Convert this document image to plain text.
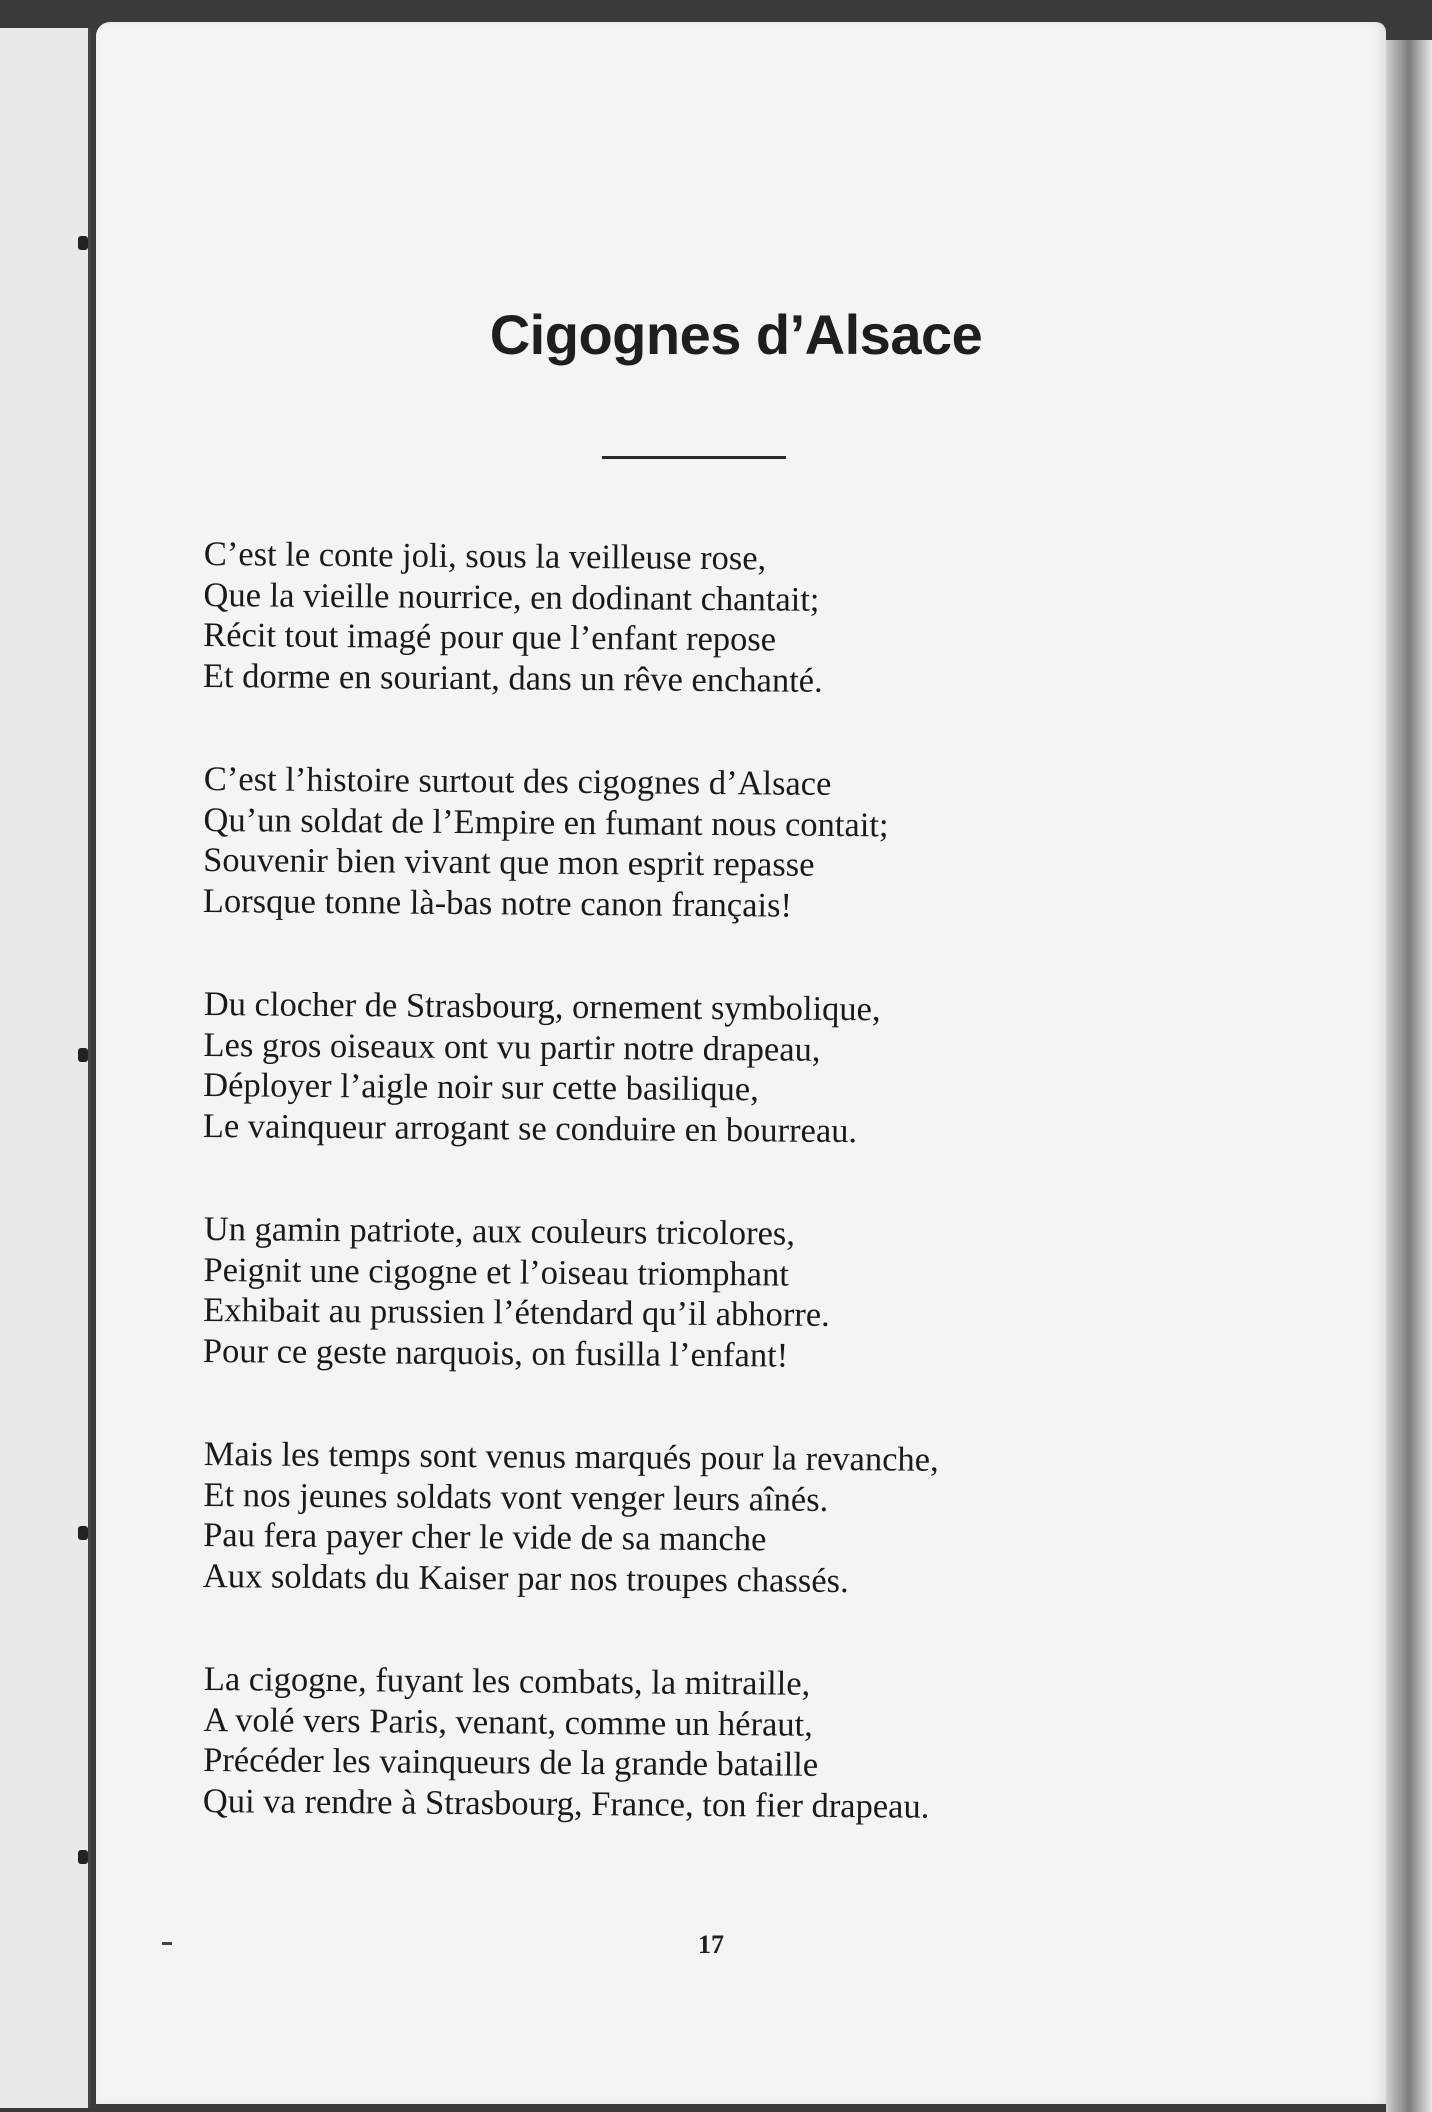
Cigognes d’Alsace
C’est le conte joli, sous la veilleuse rose,
Que la vieille nourrice, en dodinant chantait;
Récit tout imagé pour que l’enfant repose
Et dorme en souriant, dans un rêve enchanté.
C’est l’histoire surtout des cigognes d’Alsace
Qu’un soldat de l’Empire en fumant nous contait;
Souvenir bien vivant que mon esprit repasse
Lorsque tonne là-bas notre canon français!
Du clocher de Strasbourg, ornement symbolique,
Les gros oiseaux ont vu partir notre drapeau,
Déployer l’aigle noir sur cette basilique,
Le vainqueur arrogant se conduire en bourreau.
Un gamin patriote, aux couleurs tricolores,
Peignit une cigogne et l’oiseau triomphant
Exhibait au prussien l’étendard qu’il abhorre.
Pour ce geste narquois, on fusilla l’enfant!
Mais les temps sont venus marqués pour la revanche,
Et nos jeunes soldats vont venger leurs aînés.
Pau fera payer cher le vide de sa manche
Aux soldats du Kaiser par nos troupes chassés.
La cigogne, fuyant les combats, la mitraille,
A volé vers Paris, venant, comme un héraut,
Précéder les vainqueurs de la grande bataille
Qui va rendre à Strasbourg, France, ton fier drapeau.
17
